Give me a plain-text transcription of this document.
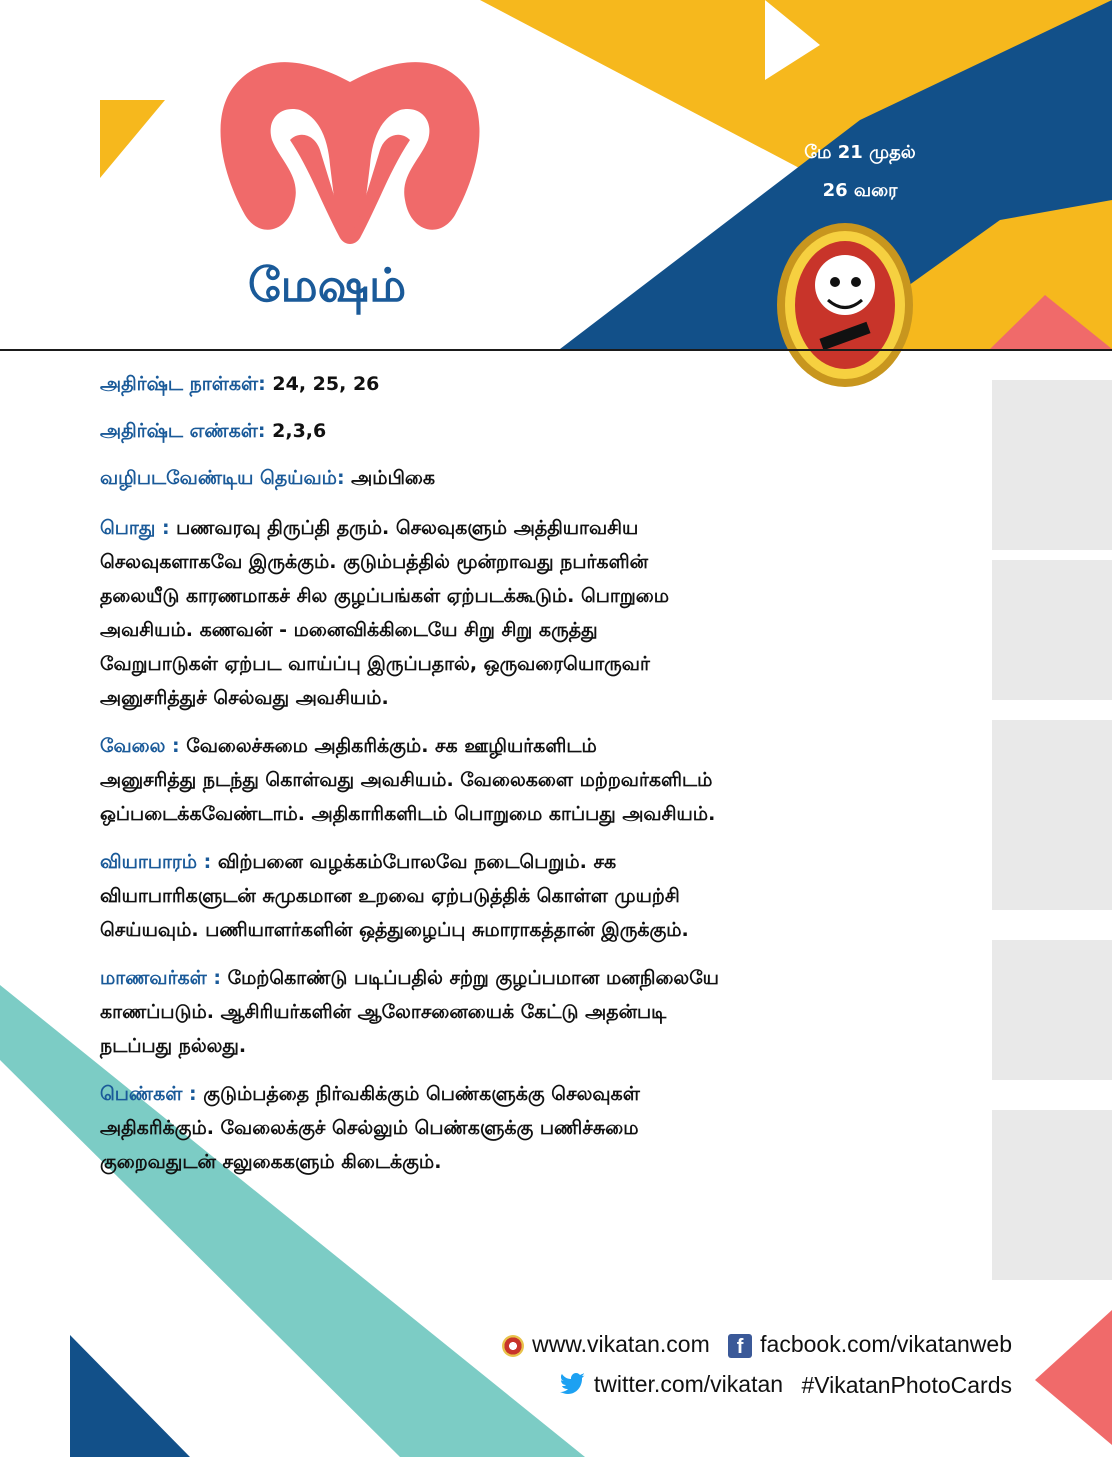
மே 21 முதல்
26 வரை
மேஷம்
அதிர்ஷ்ட நாள்கள்: 24, 25, 26
அதிர்ஷ்ட எண்கள்: 2,3,6
வழிபடவேண்டிய தெய்வம்: அம்பிகை
பொது : பணவரவு திருப்தி தரும். செலவுகளும் அத்தியாவசிய
செலவுகளாகவே இருக்கும். குடும்பத்தில் மூன்றாவது நபர்களின்
தலையீடு காரணமாகச் சில குழப்பங்கள் ஏற்படக்கூடும். பொறுமை
அவசியம். கணவன் - மனைவிக்கிடையே சிறு சிறு கருத்து
வேறுபாடுகள் ஏற்பட வாய்ப்பு இருப்பதால், ஒருவரையொருவர்
அனுசரித்துச் செல்வது அவசியம்.
வேலை : வேலைச்சுமை அதிகரிக்கும். சக ஊழியர்களிடம்
அனுசரித்து நடந்து கொள்வது அவசியம். வேலைகளை மற்றவர்களிடம்
ஒப்படைக்கவேண்டாம். அதிகாரிகளிடம் பொறுமை காப்பது அவசியம்.
வியாபாரம் : விற்பனை வழக்கம்போலவே நடைபெறும். சக
வியாபாரிகளுடன் சுமுகமான உறவை ஏற்படுத்திக் கொள்ள முயற்சி
செய்யவும். பணியாளர்களின் ஒத்துழைப்பு சுமாராகத்தான் இருக்கும்.
மாணவர்கள் : மேற்கொண்டு படிப்பதில் சற்று குழப்பமான மனநிலையே
காணப்படும். ஆசிரியர்களின் ஆலோசனையைக் கேட்டு அதன்படி
நடப்பது நல்லது.
பெண்கள் : குடும்பத்தை நிர்வகிக்கும் பெண்களுக்கு செலவுகள்
அதிகரிக்கும். வேலைக்குச் செல்லும் பெண்களுக்கு பணிச்சுமை
குறைவதுடன் சலுகைகளும் கிடைக்கும்.
www.vikatan.com f facbook.com/vikatanweb
twitter.com/vikatan #VikatanPhotoCards
